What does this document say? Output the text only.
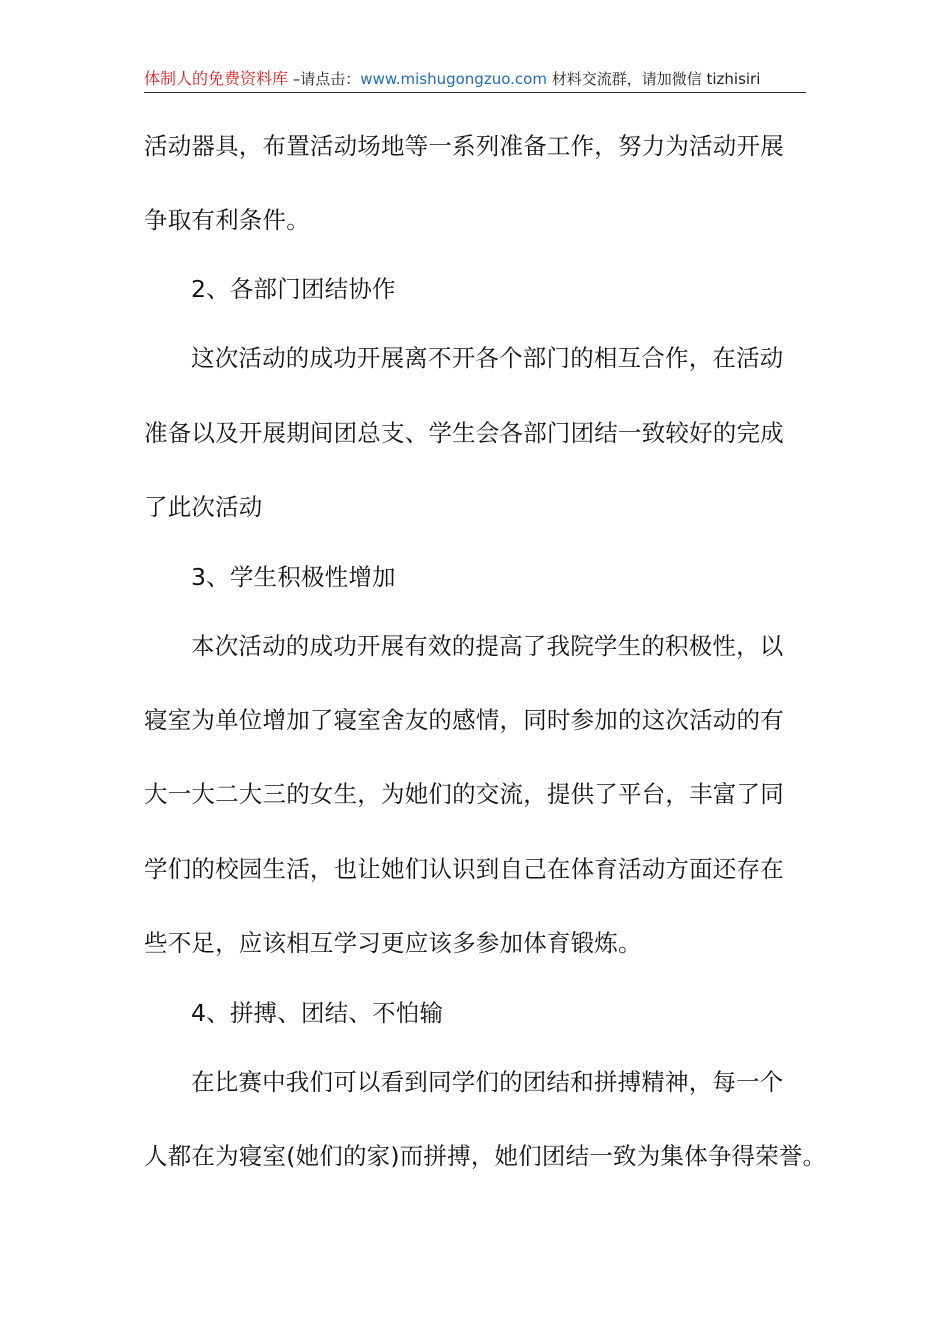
体制人的免费资料库 –请点击：www.mishugongzuo.com 材料交流群，请加微信 tizhisiri
活动器具，布置活动场地等一系列准备工作，努力为活动开展
争取有利条件。
2、各部门团结协作
这次活动的成功开展离不开各个部门的相互合作，在活动
准备以及开展期间团总支、学生会各部门团结一致较好的完成
了此次活动
3、学生积极性增加
本次活动的成功开展有效的提高了我院学生的积极性，以
寝室为单位增加了寝室舍友的感情，同时参加的这次活动的有
大一大二大三的女生，为她们的交流，提供了平台，丰富了同
学们的校园生活，也让她们认识到自己在体育活动方面还存在
些不足，应该相互学习更应该多参加体育锻炼。
4、拼搏、团结、不怕输
在比赛中我们可以看到同学们的团结和拼搏精神，每一个
人都在为寝室(她们的家)而拼搏，她们团结一致为集体争得荣誉。
